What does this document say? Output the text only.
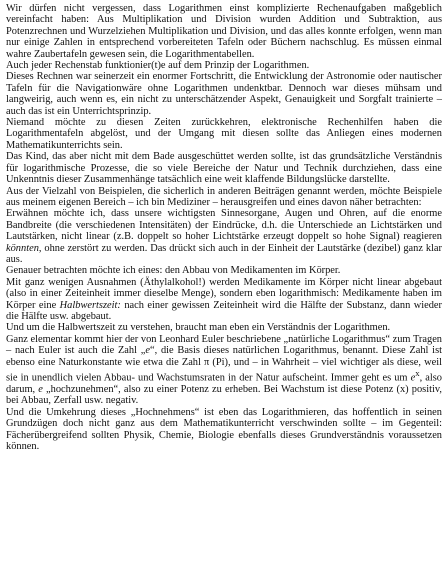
Wir dürfen nicht vergessen, dass Logarithmen einst komplizierte Rechenaufgaben maßgeblich vereinfacht haben: Aus Multiplikation und Division wurden Addition und Subtraktion, aus Potenzrechnen und Wurzelziehen Multiplikation und Division, und das alles konnte erfolgen, wenn man nur einige Zahlen in entsprechend vorbereiteten Tafeln oder Büchern nachschlug. Es müssen einmal wahre Zaubertafeln gewesen sein, die Logarithmentabellen.

Auch jeder Rechenstab funktionier(t)e auf dem Prinzip der Logarithmen.

Dieses Rechnen war seinerzeit ein enormer Fortschritt, die Entwicklung der Astronomie oder nautischer Tafeln für die Navigationwäre ohne Logarithmen undenktbar. Dennoch war dieses mühsam und langweirig, auch wenn es, ein nicht zu unterschätzender Aspekt, Genauigkeit und Sorgfalt trainierte – auch das ist ein Unterrichtsprinzip.

Niemand möchte zu diesen Zeiten zurückkehren, elektronische Rechenhilfen haben die Logarithmentafeln abgelöst, und der Umgang mit diesen sollte das Anliegen eines modernen Mathematikunterrichts sein.

Das Kind, das aber nicht mit dem Bade ausgeschüttet werden sollte, ist das grundsätzliche Verständnis für logarithmische Prozesse, die so viele Bereiche der Natur und Technik durchziehen, dass eine Unkenntnis dieser Zusammenhänge tatsächlich eine weit klaffende Bildungslücke darstellte.

Aus der Vielzahl von Beispielen, die sicherlich in anderen Beiträgen genannt werden, möchte Beispiele aus meinem eigenen Bereich – ich bin Mediziner – herausgreifen und eines davon näher betrachten:

Erwähnen möchte ich, dass unsere wichtigsten Sinnesorgane, Augen und Ohren, auf die enorme Bandbreite (die verschiedenen Intensitäten) der Eindrücke, d.h. die Unterschiede an Lichtstärken und Lautstärken, nicht linear (z.B. doppelt so hoher Lichtstärke erzeugt doppelt so hohe Signal) reagieren könnten, ohne zerstört zu werden. Das drückt sich auch in der Einheit der Lautstärke (dezibel) ganz klar aus.

Genauer betrachten möchte ich eines: den Abbau von Medikamenten im Körper.

Mit ganz wenigen Ausnahmen (Äthylalkohol!) werden Medikamente im Körper nicht linear abgebaut (also in einer Zeiteinheit immer dieselbe Menge), sondern eben logarithmisch: Medikamente haben im Körper eine Halbwertszeit: nach einer gewissen Zeiteinheit wird die Hälfte der Substanz, dann wieder die Hälfte usw. abgebaut.

Und um die Halbwertszeit zu verstehen, braucht man eben ein Verständnis der Logarithmen.

Ganz elementar kommt hier der von Leonhard Euler beschriebene „natürliche Logarithmus“ zum Tragen – nach Euler ist auch die Zahl „e“, die Basis dieses natürlichen Logarithmus, benannt. Diese Zahl ist ebenso eine Naturkonstante wie etwa die Zahl π (Pi), und – in Wahrheit – viel wichtiger als diese, weil sie in unendlich vielen Abbau- und Wachstumsraten in der Natur aufscheint. Immer geht es um $e^x$, also darum, e „hochzunehmen“, also zu einer Potenz zu erheben. Bei Wachstum ist diese Potenz (x) positiv, bei Abbau, Zerfall usw. negativ.

Und die Umkehrung dieses „Hochnehmens“ ist eben das Logarithmieren, das hoffentlich in seinen Grundzügen doch nicht ganz aus dem Mathematikunterricht verschwinden sollte – im Gegenteil: Fächerübergreifend sollten Physik, Chemie, Biologie ebenfalls dieses Grundverständnis voraussetzen können.
